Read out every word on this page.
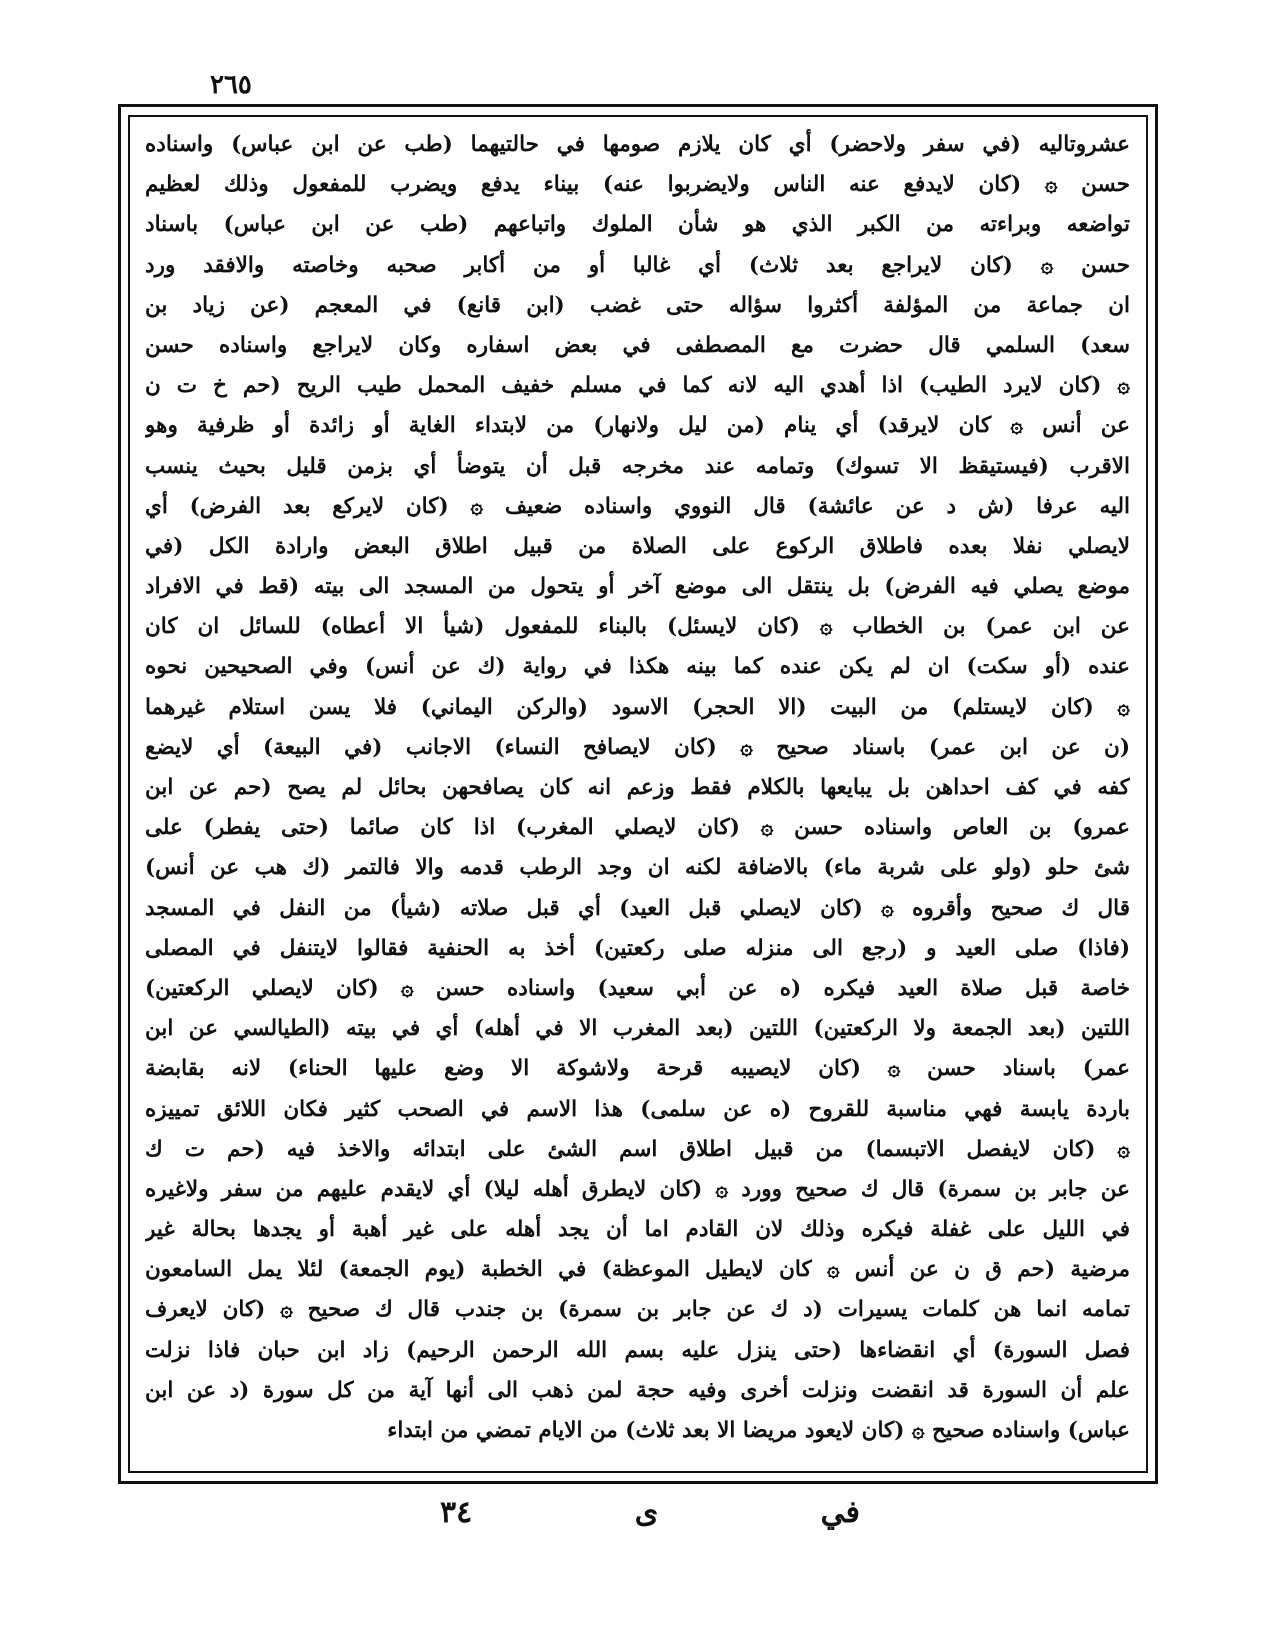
٢٦٥
عشروتاليه (في سفر ولاحضر) أي كان يلازم صومها في حالتيهما (طب عن ابن عباس) واسناده
حسن ۞ (كان لايدفع عنه الناس ولايضربوا عنه) بيناء يدفع ويضرب للمفعول وذلك لعظيم
تواضعه وبراءته من الكبر الذي هو شأن الملوك واتباعهم (طب عن ابن عباس) باسناد
حسن ۞ (كان لايراجع بعد ثلاث) أي غالبا أو من أكابر صحبه وخاصته والافقد ورد
ان جماعة من المؤلفة أكثروا سؤاله حتى غضب (ابن قانع) في المعجم (عن زياد بن
سعد) السلمي قال حضرت مع المصطفى في بعض اسفاره وكان لايراجع واسناده حسن
۞ (كان لايرد الطيب) اذا أهدي اليه لانه كما في مسلم خفيف المحمل طيب الريح (حم خ ت ن
عن أنس ۞ كان لايرقد) أي ينام (من ليل ولانهار) من لابتداء الغاية أو زائدة أو ظرفية وهو
الاقرب (فيستيقظ الا تسوك) وتمامه عند مخرجه قبل أن يتوضأ أي بزمن قليل بحيث ينسب
اليه عرفا (ش د عن عائشة) قال النووي واسناده ضعيف ۞ (كان لايركع بعد الفرض) أي
لايصلي نفلا بعده فاطلاق الركوع على الصلاة من قبيل اطلاق البعض وارادة الكل (في
موضع يصلي فيه الفرض) بل ينتقل الى موضع آخر أو يتحول من المسجد الى بيته (قط في الافراد
عن ابن عمر) بن الخطاب ۞ (كان لايسئل) بالبناء للمفعول (شيأ الا أعطاه) للسائل ان كان
عنده (أو سكت) ان لم يكن عنده كما بينه هكذا في رواية (ك عن أنس) وفي الصحيحين نحوه
۞ (كان لايستلم) من البيت (الا الحجر) الاسود (والركن اليماني) فلا يسن استلام غيرهما
(ن عن ابن عمر) باسناد صحيح ۞ (كان لايصافح النساء) الاجانب (في البيعة) أي لايضع
كفه في كف احداهن بل يبايعها بالكلام فقط وزعم انه كان يصافحهن بحائل لم يصح (حم عن ابن
عمرو) بن العاص واسناده حسن ۞ (كان لايصلي المغرب) اذا كان صائما (حتى يفطر) على
شئ حلو (ولو على شربة ماء) بالاضافة لكنه ان وجد الرطب قدمه والا فالتمر (ك هب عن أنس)
قال ك صحيح وأقروه ۞ (كان لايصلي قبل العيد) أي قبل صلاته (شيأ) من النفل في المسجد
(فاذا) صلى العيد و (رجع الى منزله صلى ركعتين) أخذ به الحنفية فقالوا لايتنفل في المصلى
خاصة قبل صلاة العيد فيكره (ه عن أبي سعيد) واسناده حسن ۞ (كان لايصلي الركعتين)
اللتين (بعد الجمعة ولا الركعتين) اللتين (بعد المغرب الا في أهله) أي في بيته (الطيالسي عن ابن
عمر) باسناد حسن ۞ (كان لايصيبه قرحة ولاشوكة الا وضع عليها الحناء) لانه بقابضة
باردة يابسة فهي مناسبة للقروح (ه عن سلمى) هذا الاسم في الصحب كثير فكان اللائق تمييزه
۞ (كان لايفصل الاتبسما) من قبيل اطلاق اسم الشئ على ابتدائه والاخذ فيه (حم ت ك
عن جابر بن سمرة) قال ك صحيح وورد ۞ (كان لايطرق أهله ليلا) أي لايقدم عليهم من سفر ولاغيره
في الليل على غفلة فيكره وذلك لان القادم اما أن يجد أهله على غير أهبة أو يجدها بحالة غير
مرضية (حم ق ن عن أنس ۞ كان لايطيل الموعظة) في الخطبة (يوم الجمعة) لئلا يمل السامعون
تمامه انما هن كلمات يسيرات (د ك عن جابر بن سمرة) بن جندب قال ك صحيح ۞ (كان لايعرف
فصل السورة) أي انقضاءها (حتى ينزل عليه بسم الله الرحمن الرحيم) زاد ابن حبان فاذا نزلت
علم أن السورة قد انقضت ونزلت أخرى وفيه حجة لمن ذهب الى أنها آية من كل سورة (د عن ابن
عباس) واسناده صحيح ۞ (كان لايعود مريضا الا بعد ثلاث) من الايام تمضي من ابتداء
في
ى
٣٤
